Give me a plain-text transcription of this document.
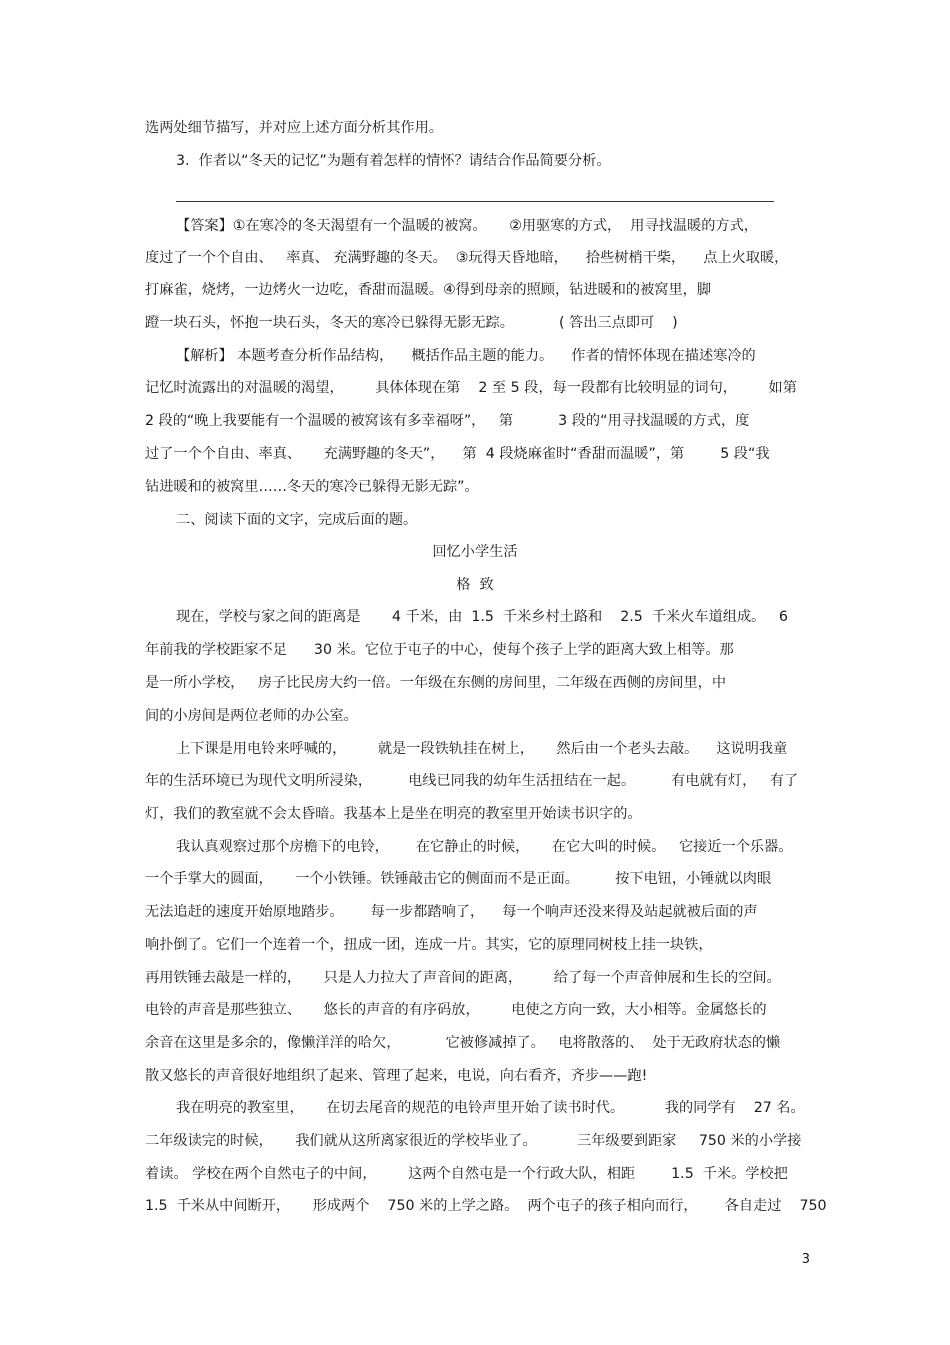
选两处细节描写，并对应上述方面分析其作用。

3.  作者以“冬天的记忆”为题有着怎样的情怀？请结合作品简要分析。

【答案】①在寒冷的冬天渴望有一个温暖的被窝。     ②用驱寒的方式，  用寻找温暖的方式，

度过了一个个自由、   率真、 充满野趣的冬天。  ③玩得天昏地暗，    拾些树梢干柴，    点上火取暖，

打麻雀，烧烤，一边烤火一边吃，香甜而温暖。④得到母亲的照顾，钻进暖和的被窝里，脚

蹬一块石头，怀抱一块石头，冬天的寒冷已躲得无影无踪。          ( 答出三点即可    )

【解析】 本题考查分析作品结构，    概括作品主题的能力。    作者的情怀体现在描述寒冷的

记忆时流露出的对温暖的渴望，       具体体现在第    2 至 5 段，每一段都有比较明显的词句，       如第

2 段的“晚上我要能有一个温暖的被窝该有多幸福呀”，   第          3 段的“用寻找温暖的方式，度

过了一个个自由、率真、     充满野趣的冬天”，    第  4 段烧麻雀时“香甜而温暖”，第        5 段“我

钻进暖和的被窝里……冬天的寒冷已躲得无影无踪”。

二、阅读下面的文字，完成后面的题。

回忆小学生活

格  致

现在，学校与家之间的距离是       4 千米，由  1.5  千米乡村土路和    2.5  千米火车道组成。   6

年前我的学校距家不足      30 米。它位于屯子的中心，使每个孩子上学的距离大致上相等。那

是一所小学校，   房子比民房大约一倍。一年级在东侧的房间里，二年级在西侧的房间里，中

间的小房间是两位老师的办公室。

上下课是用电铃来呼喊的，       就是一段铁轨挂在树上，     然后由一个老头去敲。    这说明我童

年的生活环境已为现代文明所浸染，        电线已同我的幼年生活扭结在一起。        有电就有灯，   有了

灯，我们的教室就不会太昏暗。我基本上是坐在明亮的教室里开始读书识字的。

我认真观察过那个房檐下的电铃，      在它静止的时候，     在它大叫的时候。   它接近一个乐器。

一个手掌大的圆面，     一个小铁锤。铁锤敲击它的侧面而不是正面。        按下电钮，小锤就以肉眼

无法追赶的速度开始原地踏步。      每一步都踏响了，    每一个响声还没来得及站起就被后面的声

响扑倒了。它们一个连着一个，扭成一团，连成一片。其实，它的原理同树枝上挂一块铁，

再用铁锤去敲是一样的，     只是人力拉大了声音间的距离，       给了每一个声音伸展和生长的空间。

电铃的声音是那些独立、     悠长的声音的有序码放，       电使之方向一致，大小相等。金属悠长的

余音在这里是多余的，像懒洋洋的哈欠，          它被修减掉了。   电将散落的、  处于无政府状态的懒

散又悠长的声音很好地组织了起来、管理了起来，电说，向右看齐，齐步——跑!

我在明亮的教室里，     在切去尾音的规范的电铃声里开始了读书时代。         我的同学有    27 名。

二年级读完的时候，     我们就从这所离家很近的学校毕业了。         三年级要到距家     750 米的小学接

着读。 学校在两个自然屯子的中间，       这两个自然屯是一个行政大队，相距        1.5  千米。学校把

1.5  千米从中间断开，     形成两个    750 米的上学之路。  两个屯子的孩子相向而行，      各自走过    750

3
